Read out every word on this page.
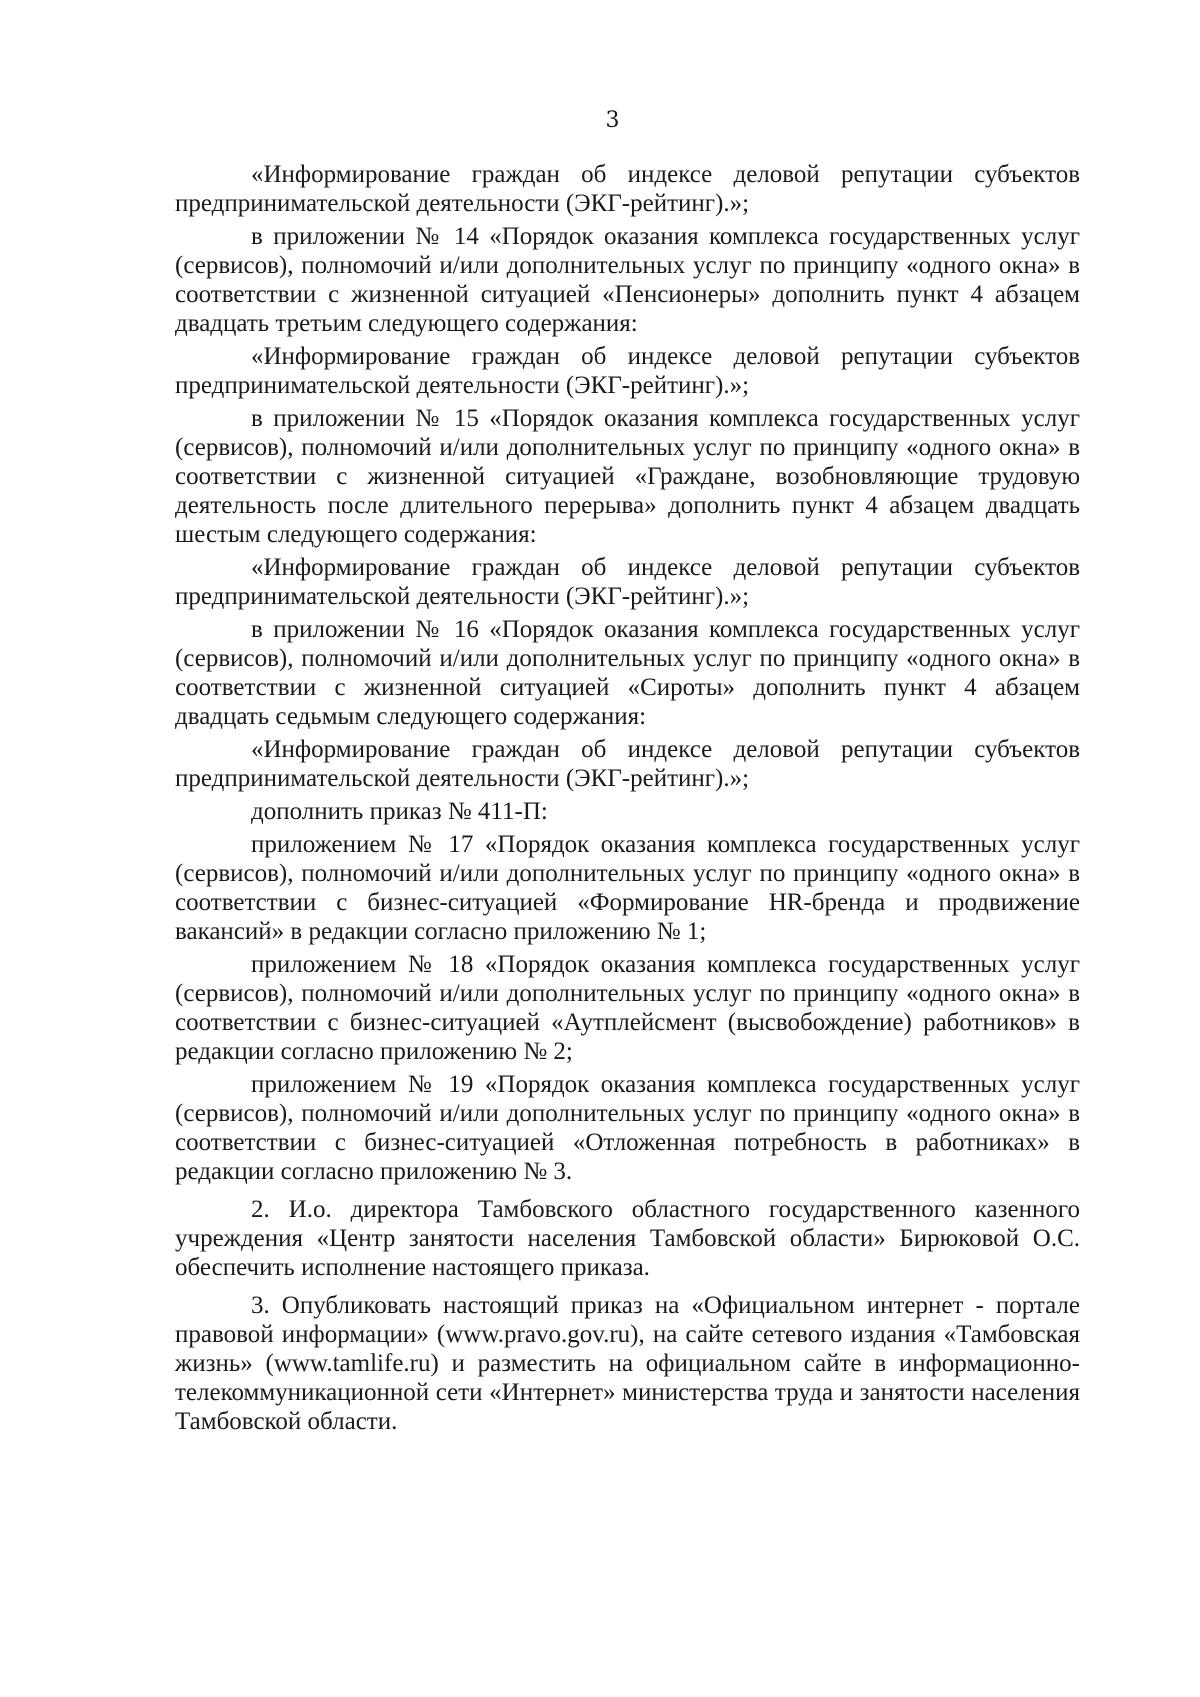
3

«Информирование граждан об индексе деловой репутации субъектов предпринимательской деятельности (ЭКГ-рейтинг).»;

в приложении № 14 «Порядок оказания комплекса государственных услуг (сервисов), полномочий и/или дополнительных услуг по принципу «одного окна» в соответствии с жизненной ситуацией «Пенсионеры» дополнить пункт 4 абзацем двадцать третьим следующего содержания:

«Информирование граждан об индексе деловой репутации субъектов предпринимательской деятельности (ЭКГ-рейтинг).»;

в приложении № 15 «Порядок оказания комплекса государственных услуг (сервисов), полномочий и/или дополнительных услуг по принципу «одного окна» в соответствии с жизненной ситуацией «Граждане, возобновляющие трудовую деятельность после длительного перерыва» дополнить пункт 4 абзацем двадцать шестым следующего содержания:

«Информирование граждан об индексе деловой репутации субъектов предпринимательской деятельности (ЭКГ-рейтинг).»;

в приложении № 16 «Порядок оказания комплекса государственных услуг (сервисов), полномочий и/или дополнительных услуг по принципу «одного окна» в соответствии с жизненной ситуацией «Сироты» дополнить пункт 4 абзацем двадцать седьмым следующего содержания:

«Информирование граждан об индексе деловой репутации субъектов предпринимательской деятельности (ЭКГ-рейтинг).»;

дополнить приказ № 411-П:

приложением № 17 «Порядок оказания комплекса государственных услуг (сервисов), полномочий и/или дополнительных услуг по принципу «одного окна» в соответствии с бизнес-ситуацией «Формирование HR-бренда и продвижение вакансий» в редакции согласно приложению № 1;

приложением № 18 «Порядок оказания комплекса государственных услуг (сервисов), полномочий и/или дополнительных услуг по принципу «одного окна» в соответствии с бизнес-ситуацией «Аутплейсмент (высвобождение) работников» в редакции согласно приложению № 2;

приложением № 19 «Порядок оказания комплекса государственных услуг (сервисов), полномочий и/или дополнительных услуг по принципу «одного окна» в соответствии с бизнес-ситуацией «Отложенная потребность в работниках» в редакции согласно приложению № 3.

2. И.о. директора Тамбовского областного государственного казенного учреждения «Центр занятости населения Тамбовской области» Бирюковой О.С. обеспечить исполнение настоящего приказа.

3. Опубликовать настоящий приказ на «Официальном интернет - портале правовой информации» (www.pravo.gov.ru), на сайте сетевого издания «Тамбовская жизнь» (www.tamlife.ru) и разместить на официальном сайте в информационно-телекоммуникационной сети «Интернет» министерства труда и занятости населения Тамбовской области.
